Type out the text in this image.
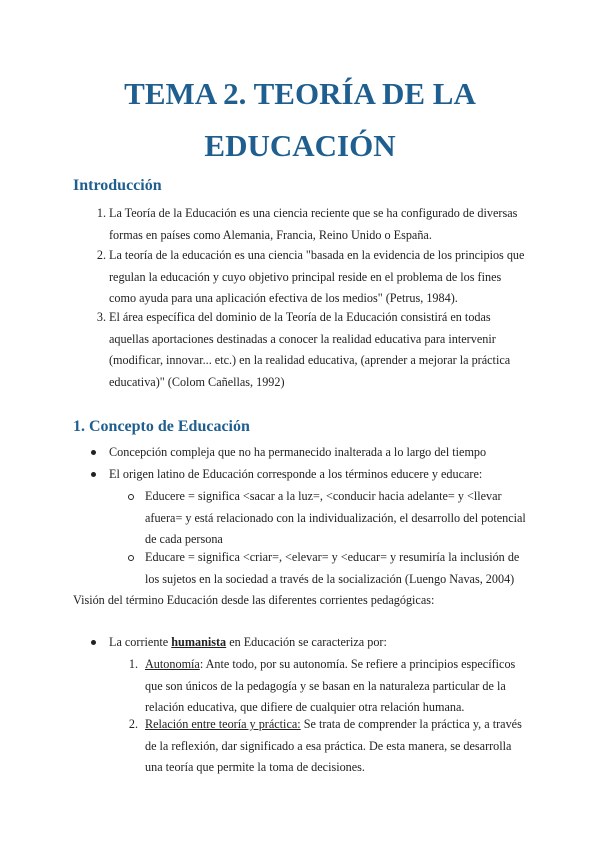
TEMA 2. TEORÍA DE LA
EDUCACIÓN
Introducción
1. La Teoría de la Educación es una ciencia reciente que se ha configurado de diversas
formas en países como Alemania, Francia, Reino Unido o España.
2. La teoría de la educación es una ciencia "basada en la evidencia de los principios que
regulan la educación y cuyo objetivo principal reside en el problema de los fines
como ayuda para una aplicación efectiva de los medios" (Petrus, 1984).
3. El área específica del dominio de la Teoría de la Educación consistirá en todas
aquellas aportaciones destinadas a conocer la realidad educativa para intervenir
(modificar, innovar... etc.) en la realidad educativa, (aprender a mejorar la práctica
educativa)" (Colom Cañellas, 1992)
1. Concepto de Educación
Concepción compleja que no ha permanecido inalterada a lo largo del tiempo
El origen latino de Educación corresponde a los términos educere y educare:
Educere = significa <sacar a la luz=, <conducir hacia adelante= y <llevar
afuera= y está relacionado con la individualización, el desarrollo del potencial
de cada persona
Educare = significa <criar=, <elevar= y <educar= y resumiría la inclusión de
los sujetos en la sociedad a través de la socialización (Luengo Navas, 2004)
Visión del término Educación desde las diferentes corrientes pedagógicas:
La corriente humanista en Educación se caracteriza por:
1. Autonomía: Ante todo, por su autonomía. Se refiere a principios específicos
que son únicos de la pedagogía y se basan en la naturaleza particular de la
relación educativa, que difiere de cualquier otra relación humana.
2. Relación entre teoría y práctica: Se trata de comprender la práctica y, a través
de la reflexión, dar significado a esa práctica. De esta manera, se desarrolla
una teoría que permite la toma de decisiones.
